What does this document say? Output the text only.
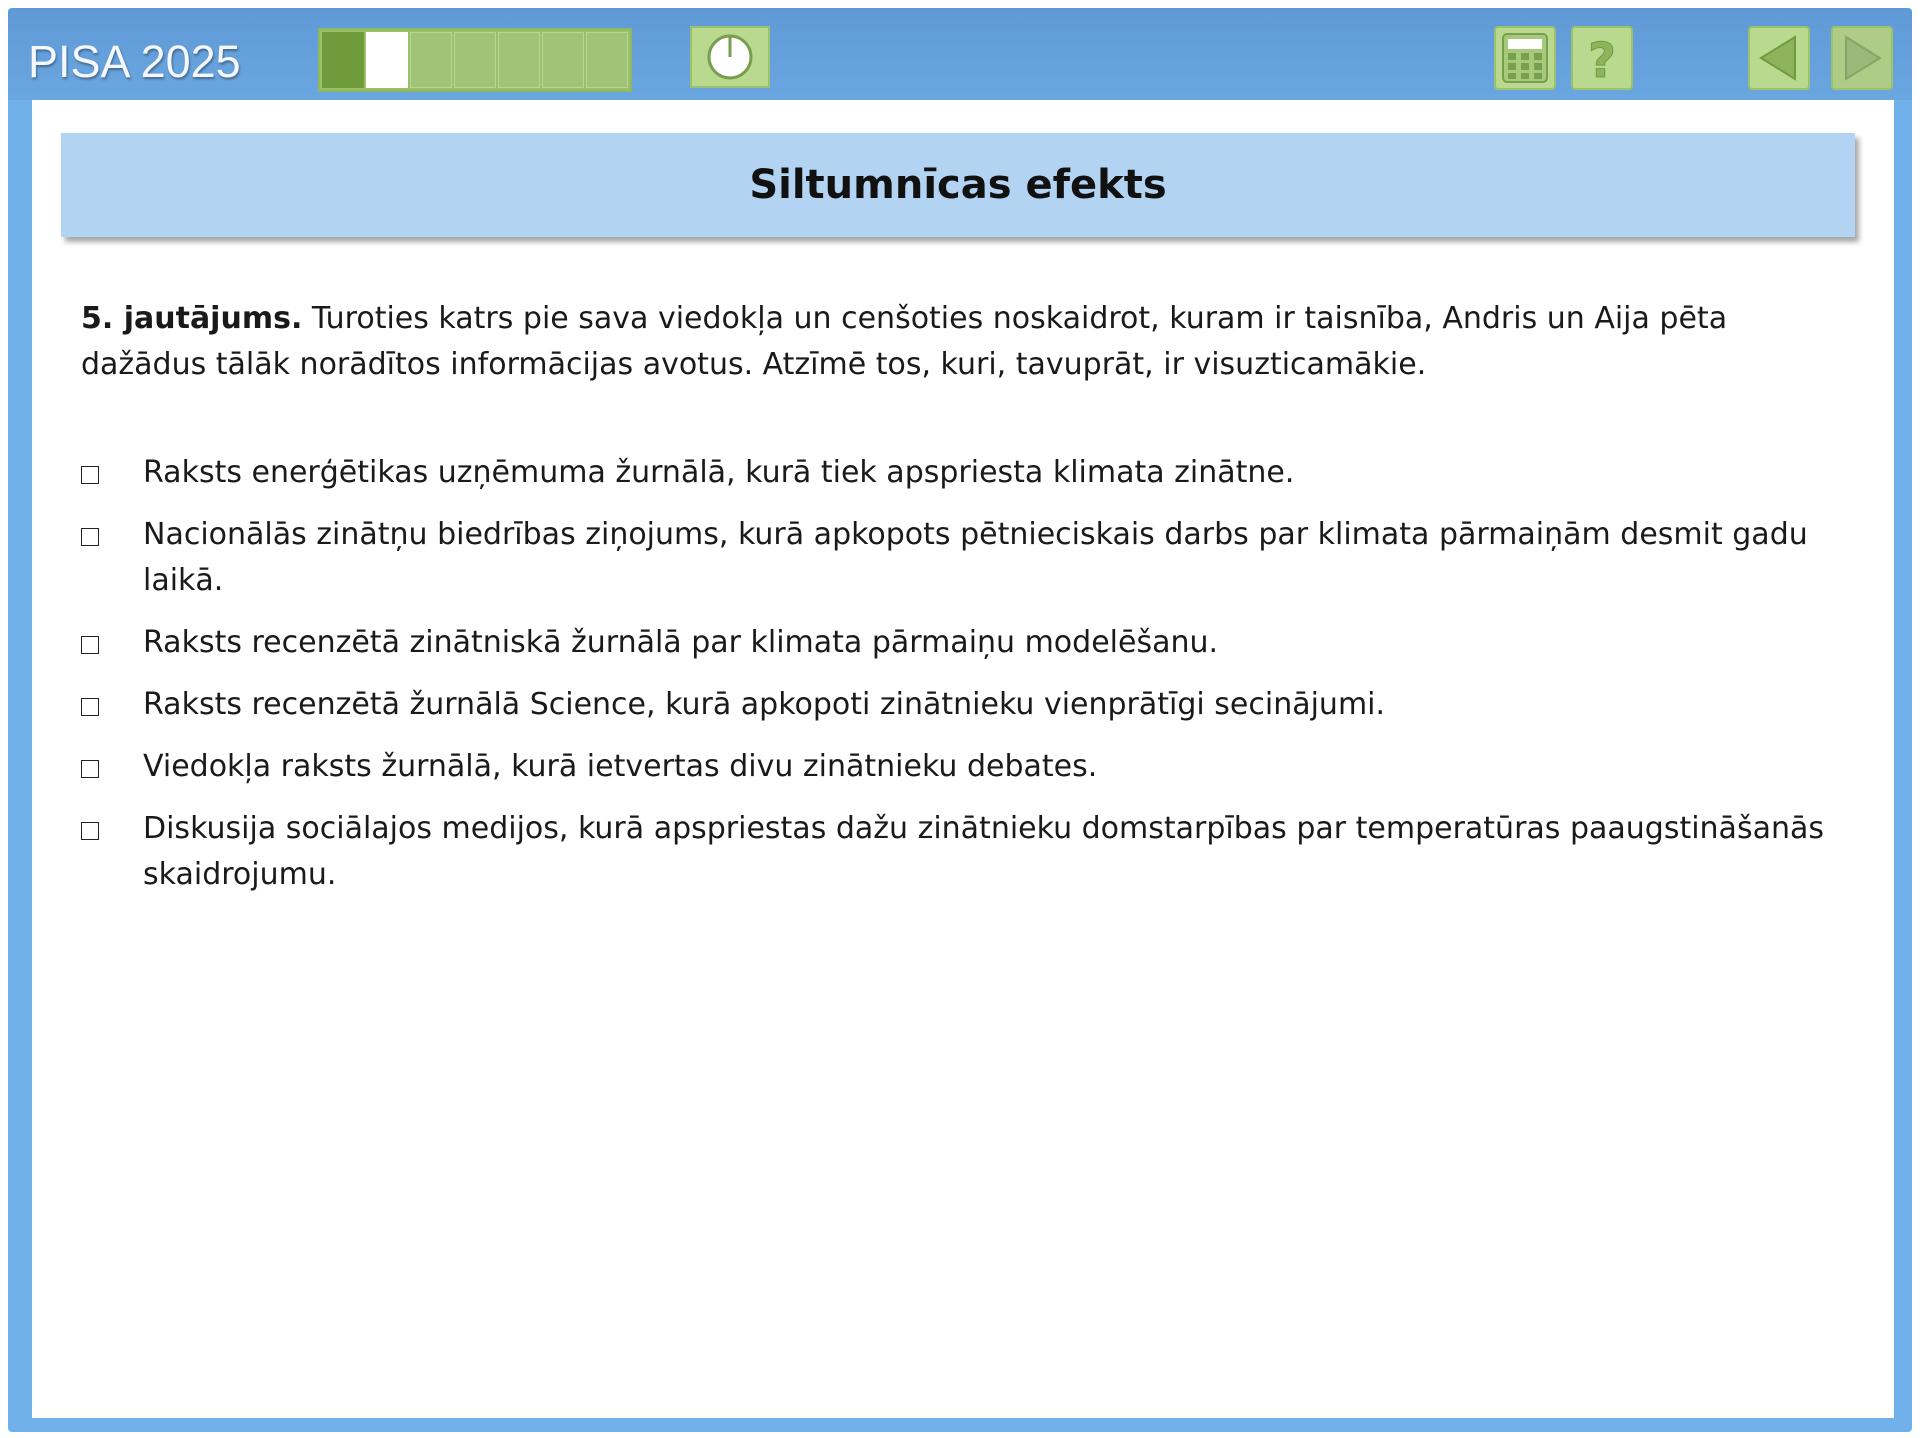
PISA 2025	?
Siltumnīcas efekts
5. jautājums. Turoties katrs pie sava viedokļa un cenšoties noskaidrot, kuram ir taisnība, Andris un Aija pēta dažādus tālāk norādītos informācijas avotus. Atzīmē tos, kuri, tavuprāt, ir visuzticamākie.
Raksts enerģētikas uzņēmuma žurnālā, kurā tiek apspriesta klimata zinātne.
Nacionālās zinātņu biedrības ziņojums, kurā apkopots pētnieciskais darbs par klimata pārmaiņām desmit gadu laikā.
Raksts recenzētā zinātniskā žurnālā par klimata pārmaiņu modelēšanu.
Raksts recenzētā žurnālā Science, kurā apkopoti zinātnieku vienprātīgi secinājumi.
Viedokļa raksts žurnālā, kurā ietvertas divu zinātnieku debates.
Diskusija sociālajos medijos, kurā apspriestas dažu zinātnieku domstarpības par temperatūras paaugstināšanās skaidrojumu.
